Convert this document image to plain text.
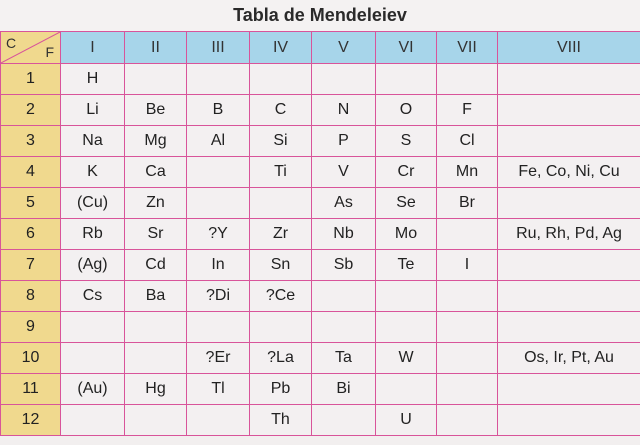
Tabla de Mendeleiev
C
F	I	II	III	IV	V	VI	VII	VIII
1	H							
2	Li	Be	B	C	N	O	F	
3	Na	Mg	Al	Si	P	S	Cl	
4	K	Ca		Ti	V	Cr	Mn	Fe, Co, Ni, Cu
5	(Cu)	Zn			As	Se	Br	
6	Rb	Sr	?Y	Zr	Nb	Mo		Ru, Rh, Pd, Ag
7	(Ag)	Cd	In	Sn	Sb	Te	I	
8	Cs	Ba	?Di	?Ce				
9								
10			?Er	?La	Ta	W		Os, Ir, Pt, Au
11	(Au)	Hg	Tl	Pb	Bi			
12				Th		U		
